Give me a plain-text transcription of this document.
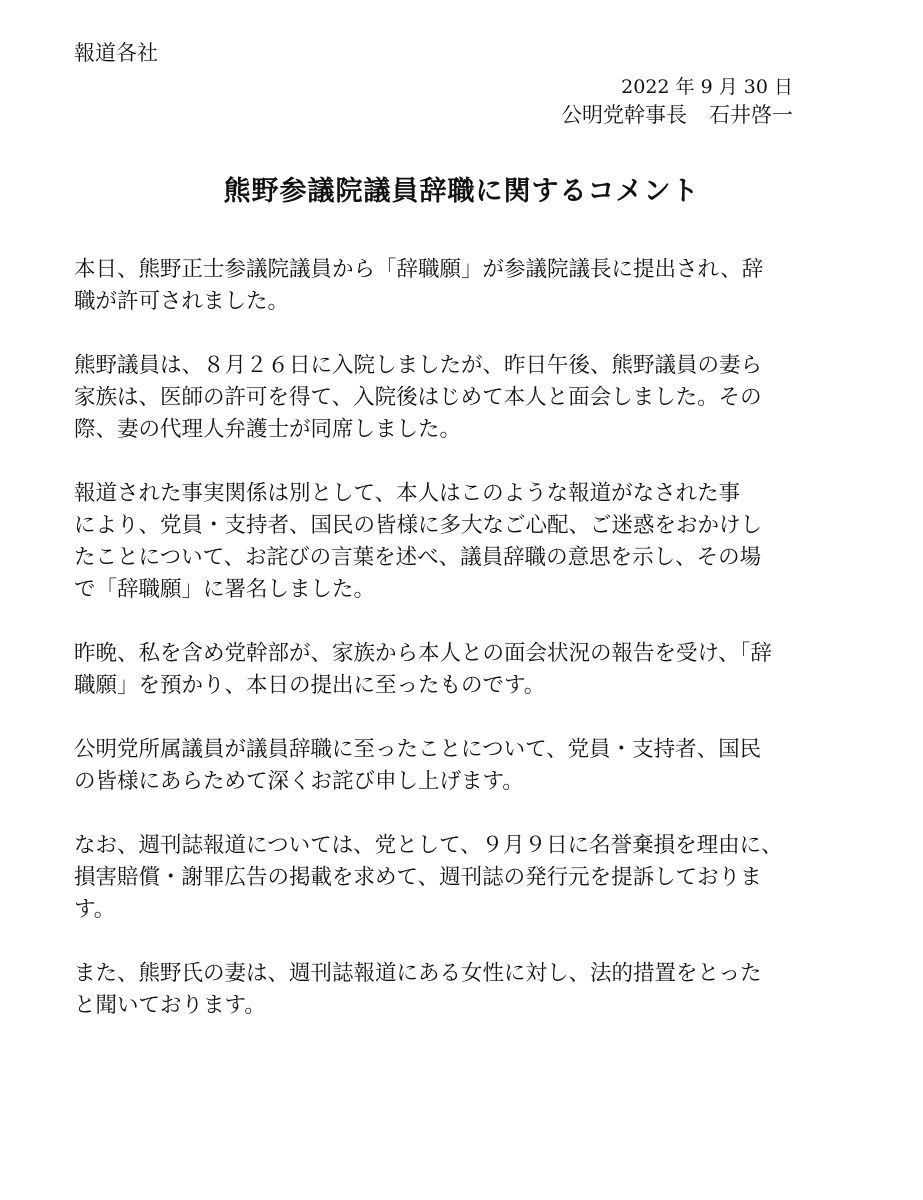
報道各社
2022 年 9 月 30 日
公明党幹事長 石井啓一
熊野参議院議員辞職に関するコメント
本日、熊野正士参議院議員から「辞職願」が参議院議長に提出され、辞
職が許可されました。
熊野議員は、８月２６日に入院しましたが、昨日午後、熊野議員の妻ら
家族は、医師の許可を得て、入院後はじめて本人と面会しました。その
際、妻の代理人弁護士が同席しました。
報道された事実関係は別として、本人はこのような報道がなされた事
により、党員・支持者、国民の皆様に多大なご心配、ご迷惑をおかけし
たことについて、お詫びの言葉を述べ、議員辞職の意思を示し、その場
で「辞職願」に署名しました。
昨晩、私を含め党幹部が、家族から本人との面会状況の報告を受け、「辞
職願」を預かり、本日の提出に至ったものです。
公明党所属議員が議員辞職に至ったことについて、党員・支持者、国民
の皆様にあらためて深くお詫び申し上げます。
なお、週刊誌報道については、党として、９月９日に名誉棄損を理由に、
損害賠償・謝罪広告の掲載を求めて、週刊誌の発行元を提訴しておりま
す。
また、熊野氏の妻は、週刊誌報道にある女性に対し、法的措置をとった
と聞いております。
